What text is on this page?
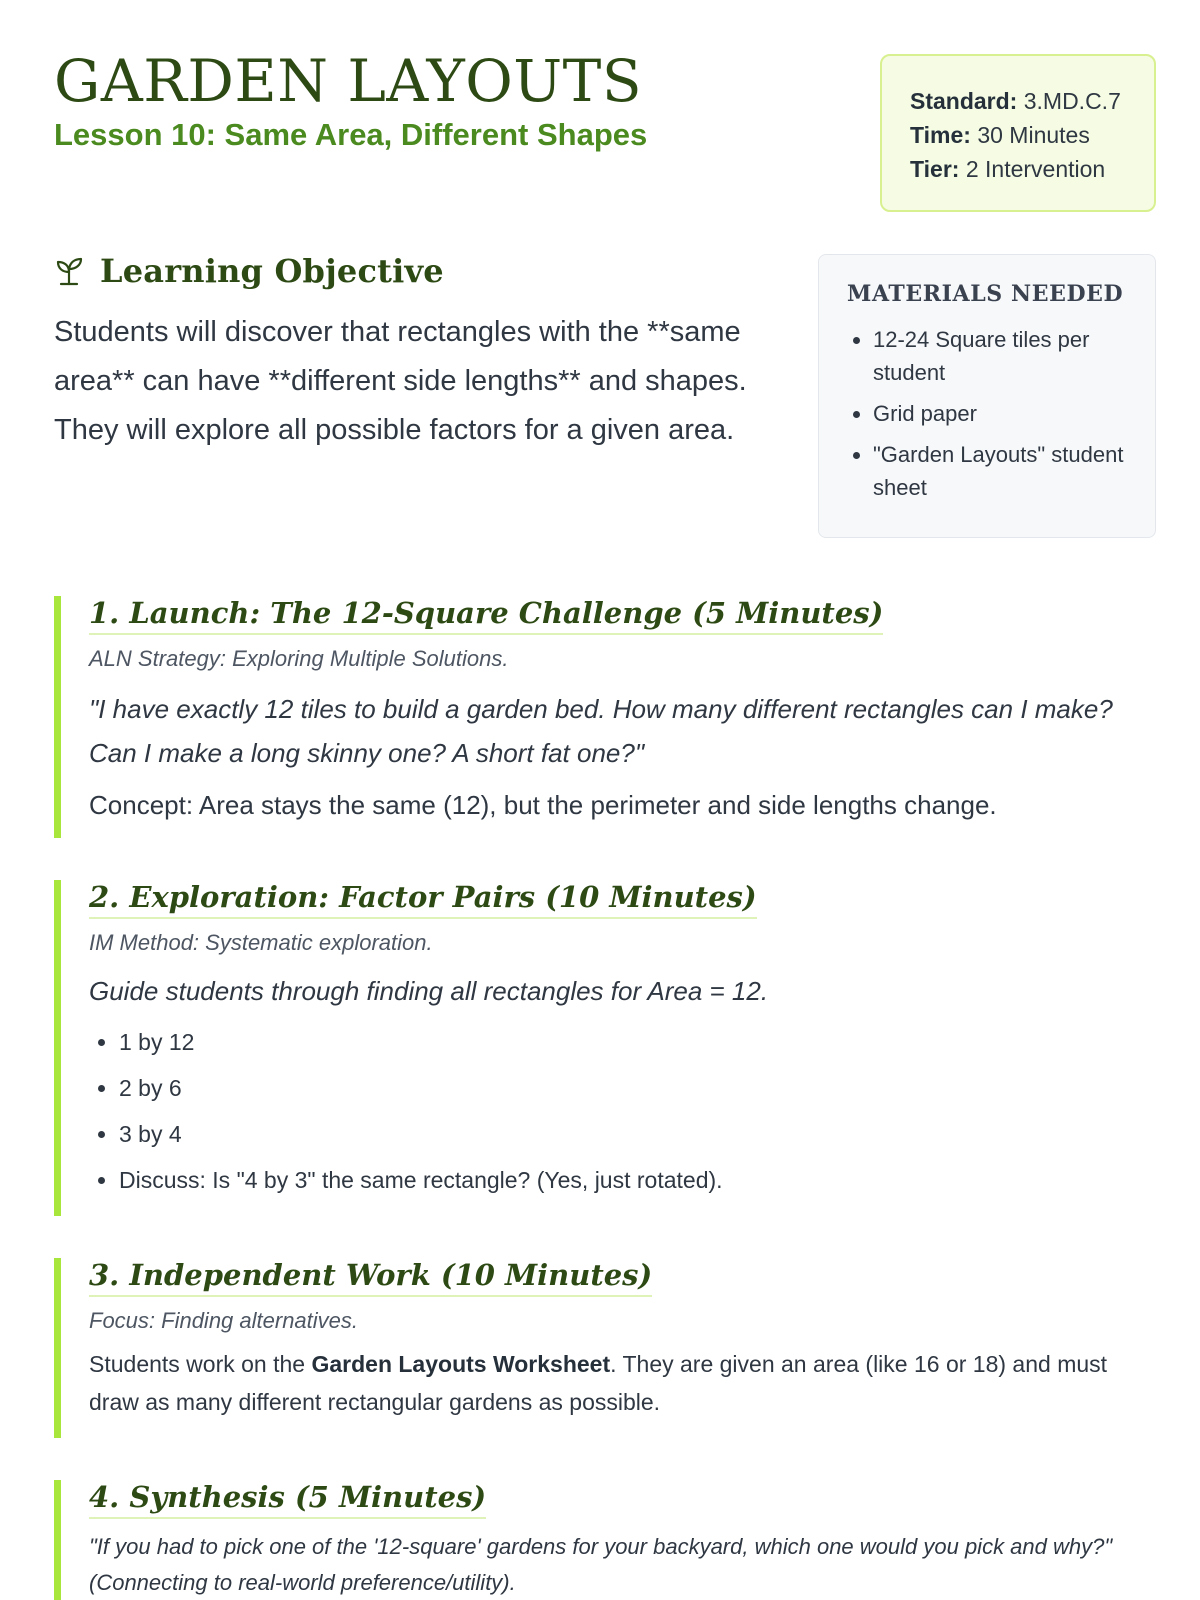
GARDEN LAYOUTS
Lesson 10: Same Area, Different Shapes
Standard: 3.MD.C.7
Time: 30 Minutes
Tier: 2 Intervention
Learning Objective
Students will discover that rectangles with the **same area** can have **different side lengths** and shapes. They will explore all possible factors for a given area.
MATERIALS NEEDED
• 12-24 Square tiles per student
• Grid paper
• "Garden Layouts" student sheet
1. Launch: The 12-Square Challenge (5 Minutes)
ALN Strategy: Exploring Multiple Solutions.
"I have exactly 12 tiles to build a garden bed. How many different rectangles can I make? Can I make a long skinny one? A short fat one?"
Concept: Area stays the same (12), but the perimeter and side lengths change.
2. Exploration: Factor Pairs (10 Minutes)
IM Method: Systematic exploration.
Guide students through finding all rectangles for Area = 12.
• 1 by 12
• 2 by 6
• 3 by 4
• Discuss: Is "4 by 3" the same rectangle? (Yes, just rotated).
3. Independent Work (10 Minutes)
Focus: Finding alternatives.
Students work on the Garden Layouts Worksheet. They are given an area (like 16 or 18) and must draw as many different rectangular gardens as possible.
4. Synthesis (5 Minutes)
"If you had to pick one of the '12-square' gardens for your backyard, which one would you pick and why?" (Connecting to real-world preference/utility).
